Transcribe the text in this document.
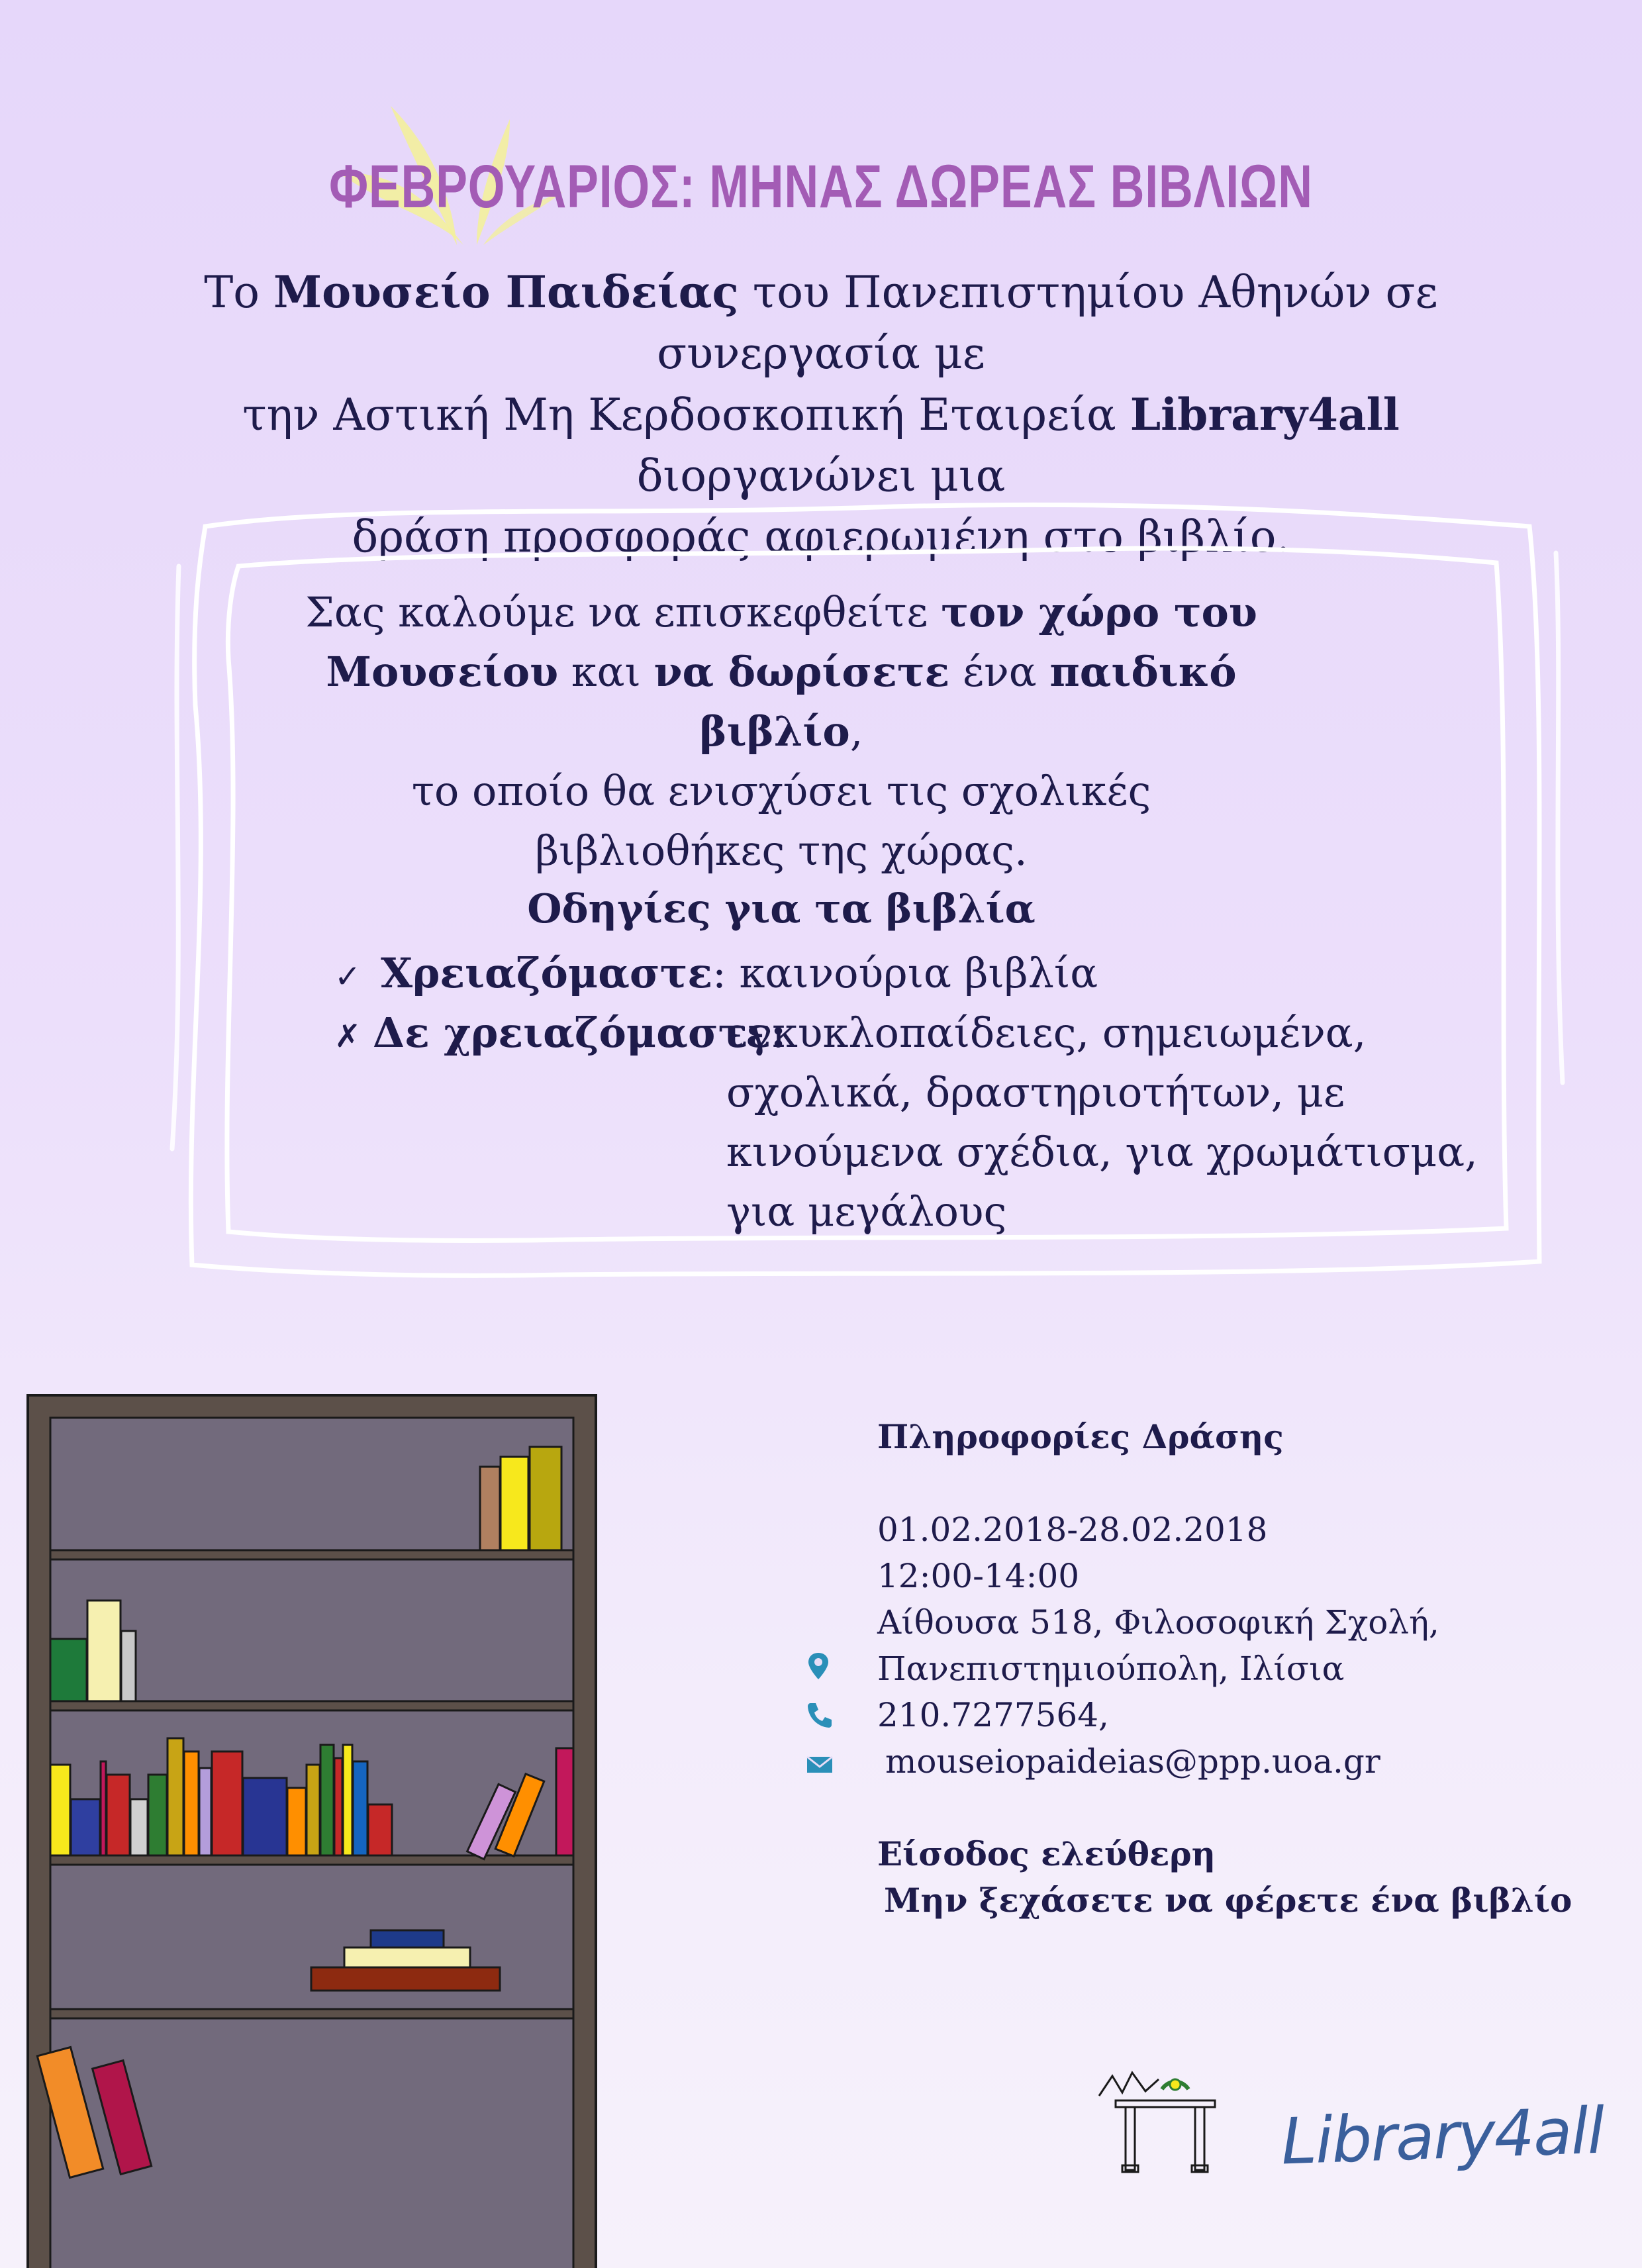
ΦΕΒΡΟΥΑΡΙΟΣ: ΜΗΝΑΣ ΔΩΡΕΑΣ ΒΙΒΛΙΩΝ
Το Μουσείο Παιδείας του Πανεπιστημίου Αθηνών σε συνεργασία με
την Αστική Μη Κερδοσκοπική Εταιρεία Library4all διοργανώνει μια
δράση προσφοράς αφιερωμένη στο βιβλίο.
Σας καλούμε να επισκεφθείτε τον χώρο του
Μουσείου και να δωρίσετε ένα παιδικό βιβλίο,
το οποίο θα ενισχύσει τις σχολικές
βιβλιοθήκες της χώρας.
Οδηγίες για τα βιβλία
✓ Χρειαζόμαστε: καινούρια βιβλία
✗ Δε χρειαζόμαστε:
εγκυκλοπαίδειες, σημειωμένα,
σχολικά, δραστηριοτήτων, με
κινούμενα σχέδια, για χρωμάτισμα,
για μεγάλους
Πληροφορίες Δράσης
01.02.2018-28.02.2018
12:00-14:00
Αίθουσα 518, Φιλοσοφική Σχολή,
Πανεπιστημιούπολη, Ιλίσια
210.7277564,
mouseiopaideias@ppp.uoa.gr
Είσοδος ελεύθερη
Μην ξεχάσετε να φέρετε ένα βιβλίο
Library4all
